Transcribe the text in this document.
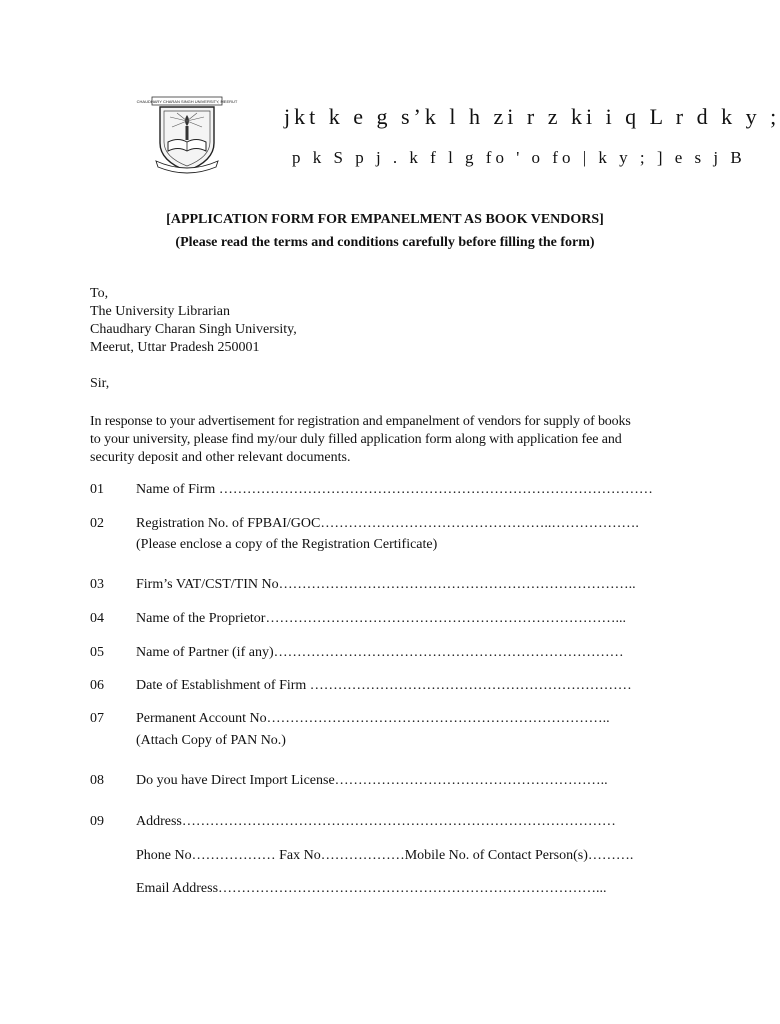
CHAUDHARY CHARAN SINGH UNIVERSITY, MEERUT
jkt k e g s’k l h zi r z ki i q L r d k y ;
p k S p j . k f l g fo ' o fo | k y ; ] e s j B
[APPLICATION FORM FOR EMPANELMENT AS BOOK VENDORS]
(Please read the terms and conditions carefully before filling the form)
To,
The University Librarian
Chaudhary Charan Singh University,
Meerut, Uttar Pradesh 250001
Sir,
In response to your advertisement for registration and empanelment of vendors for supply of books
to your university, please find my/our duly filled application form along with application fee and
security deposit and other relevant documents.
01 Name of Firm …………………………………………………………………………………
02 Registration No. of FPBAI/GOC…………………………………………..……………….
(Please enclose a copy of the Registration Certificate)
03 Firm’s VAT/CST/TIN No…………………………………………………………………..
04 Name of the Proprietor…………………………………………………………………...
05 Name of Partner (if any)…………………………………………………………………
06 Date of Establishment of Firm ……………………………………………………………
07 Permanent Account No………………………………………………………………..
(Attach Copy of PAN No.)
08 Do you have Direct Import License…………………………………………………..
09 Address…………………………………………………………………………………
Phone No……………… Fax No………………Mobile No. of Contact Person(s)……….
Email Address………………………………………………………………………...
